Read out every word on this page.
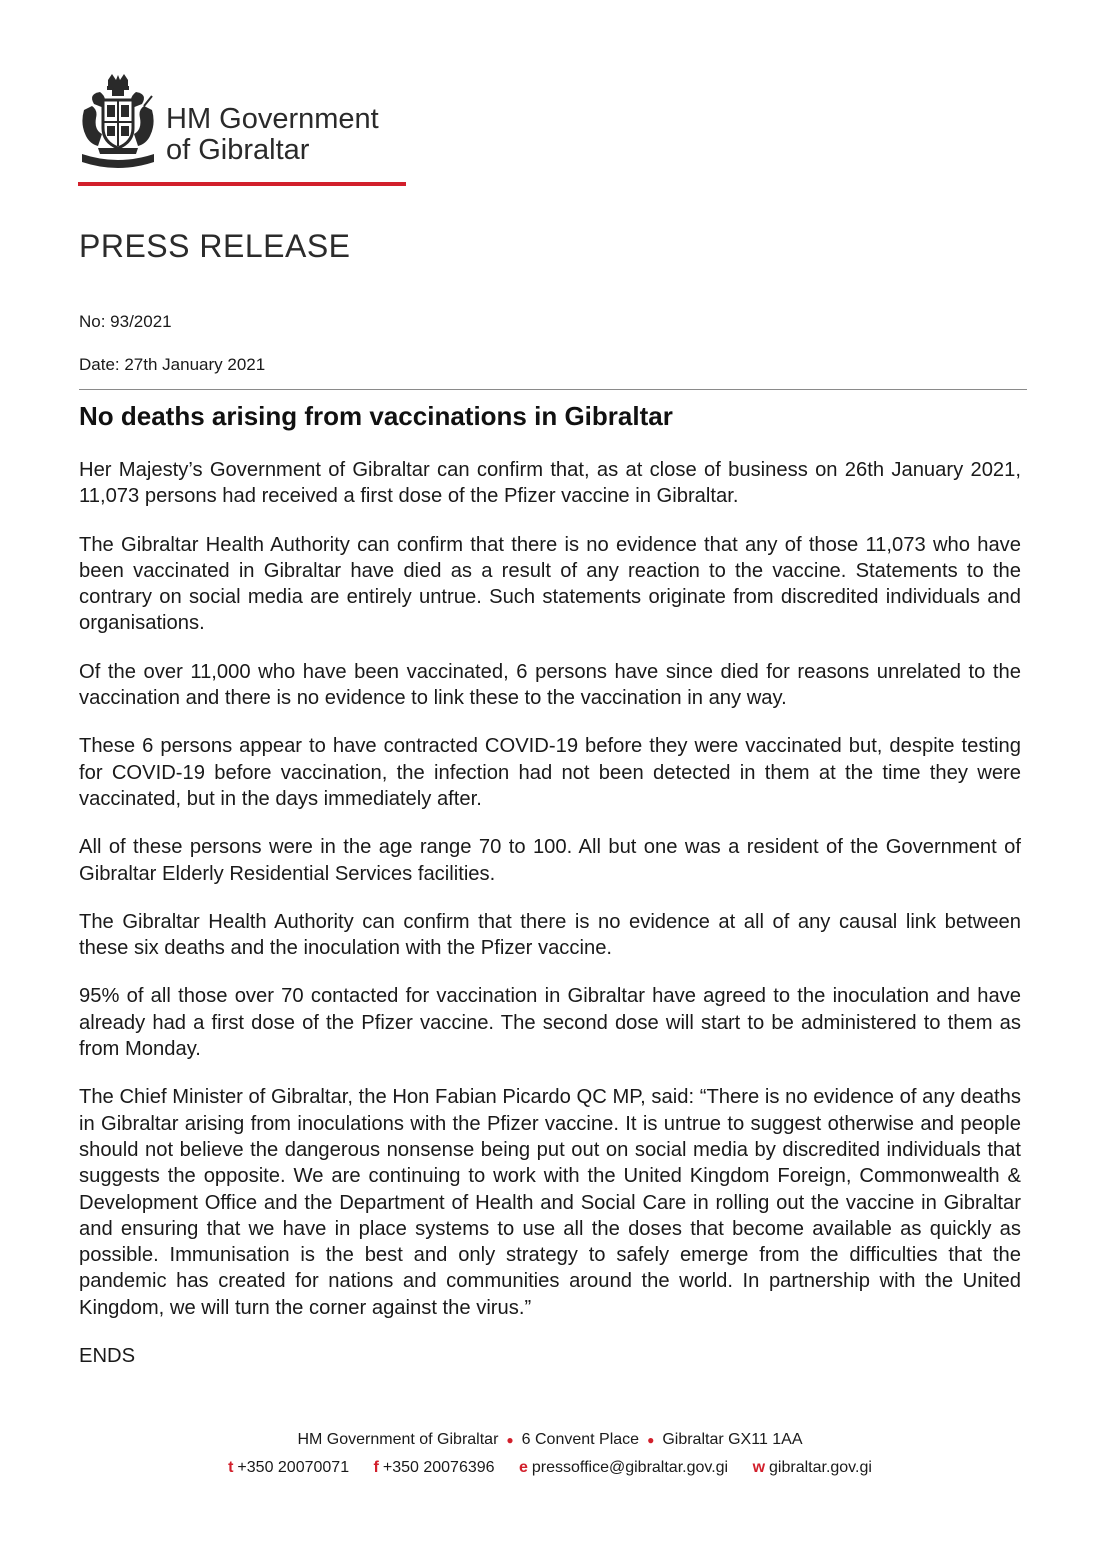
HM Government
of Gibraltar
PRESS RELEASE
No: 93/2021
Date: 27th January 2021
No deaths arising from vaccinations in Gibraltar

Her Majesty’s Government of Gibraltar can confirm that, as at close of business on 26th January 2021, 11,073 persons had received a first dose of the Pfizer vaccine in Gibraltar.

The Gibraltar Health Authority can confirm that there is no evidence that any of those 11,073 who have been vaccinated in Gibraltar have died as a result of any reaction to the vaccine. Statements to the contrary on social media are entirely untrue. Such statements originate from discredited individuals and organisations.

Of the over 11,000 who have been vaccinated, 6 persons have since died for reasons unrelated to the vaccination and there is no evidence to link these to the vaccination in any way.

These 6 persons appear to have contracted COVID-19 before they were vaccinated but, despite testing for COVID-19 before vaccination, the infection had not been detected in them at the time they were vaccinated, but in the days immediately after.

All of these persons were in the age range 70 to 100. All but one was a resident of the Government of Gibraltar Elderly Residential Services facilities.

The Gibraltar Health Authority can confirm that there is no evidence at all of any causal link between these six deaths and the inoculation with the Pfizer vaccine.

95% of all those over 70 contacted for vaccination in Gibraltar have agreed to the inoculation and have already had a first dose of the Pfizer vaccine. The second dose will start to be administered to them as from Monday.

The Chief Minister of Gibraltar, the Hon Fabian Picardo QC MP, said: “There is no evidence of any deaths in Gibraltar arising from inoculations with the Pfizer vaccine. It is untrue to suggest otherwise and people should not believe the dangerous nonsense being put out on social media by discredited individuals that suggests the opposite. We are continuing to work with the United Kingdom Foreign, Commonwealth & Development Office and the Department of Health and Social Care in rolling out the vaccine in Gibraltar and ensuring that we have in place systems to use all the doses that become available as quickly as possible. Immunisation is the best and only strategy to safely emerge from the difficulties that the pandemic has created for nations and communities around the world. In partnership with the United Kingdom, we will turn the corner against the virus.”

ENDS

HM Government of Gibraltar ● 6 Convent Place ● Gibraltar GX11 1AA
t +350 20070071 f +350 20076396 e pressoffice@gibraltar.gov.gi w gibraltar.gov.gi
